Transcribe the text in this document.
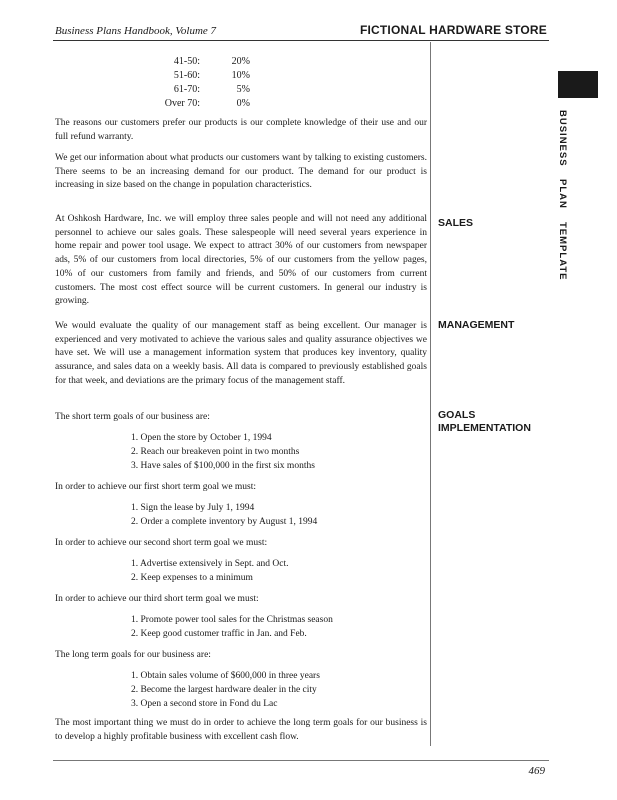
Business Plans Handbook, Volume 7	FICTIONAL HARDWARE STORE
BUSINESS PLAN TEMPLATE
41-50:	20%
51-60:	10%
61-70:	5%
Over 70:	0%

The reasons our customers prefer our products is our complete knowledge of their use and our full refund warranty.

We get our information about what products our customers want by talking to existing customers. There seems to be an increasing demand for our product. The demand for our product is increasing in size based on the change in population characteristics.

At Oshkosh Hardware, Inc. we will employ three sales people and will not need any additional personnel to achieve our sales goals. These salespeople will need several years experience in home repair and power tool usage. We expect to attract 30% of our customers from newspaper ads, 5% of our customers from local directories, 5% of our customers from the yellow pages, 10% of our customers from family and friends, and 50% of our customers from current customers. The most cost effect source will be current customers. In general our industry is growing.

SALES

We would evaluate the quality of our management staff as being excellent. Our manager is experienced and very motivated to achieve the various sales and quality assurance objectives we have set. We will use a management information system that produces key inventory, quality assurance, and sales data on a weekly basis. All data is compared to previously established goals for that week, and deviations are the primary focus of the management staff.

MANAGEMENT
GOALS
IMPLEMENTATION
The short term goals of our business are:
1. Open the store by October 1, 1994
2. Reach our breakeven point in two months
3. Have sales of $100,000 in the first six months
In order to achieve our first short term goal we must:
1. Sign the lease by July 1, 1994
2. Order a complete inventory by August 1, 1994
In order to achieve our second short term goal we must:
1. Advertise extensively in Sept. and Oct.
2. Keep expenses to a minimum
In order to achieve our third short term goal we must:
1. Promote power tool sales for the Christmas season
2. Keep good customer traffic in Jan. and Feb.
The long term goals for our business are:
1. Obtain sales volume of $600,000 in three years
2. Become the largest hardware dealer in the city
3. Open a second store in Fond du Lac

The most important thing we must do in order to achieve the long term goals for our business is to develop a highly profitable business with excellent cash flow.

469
